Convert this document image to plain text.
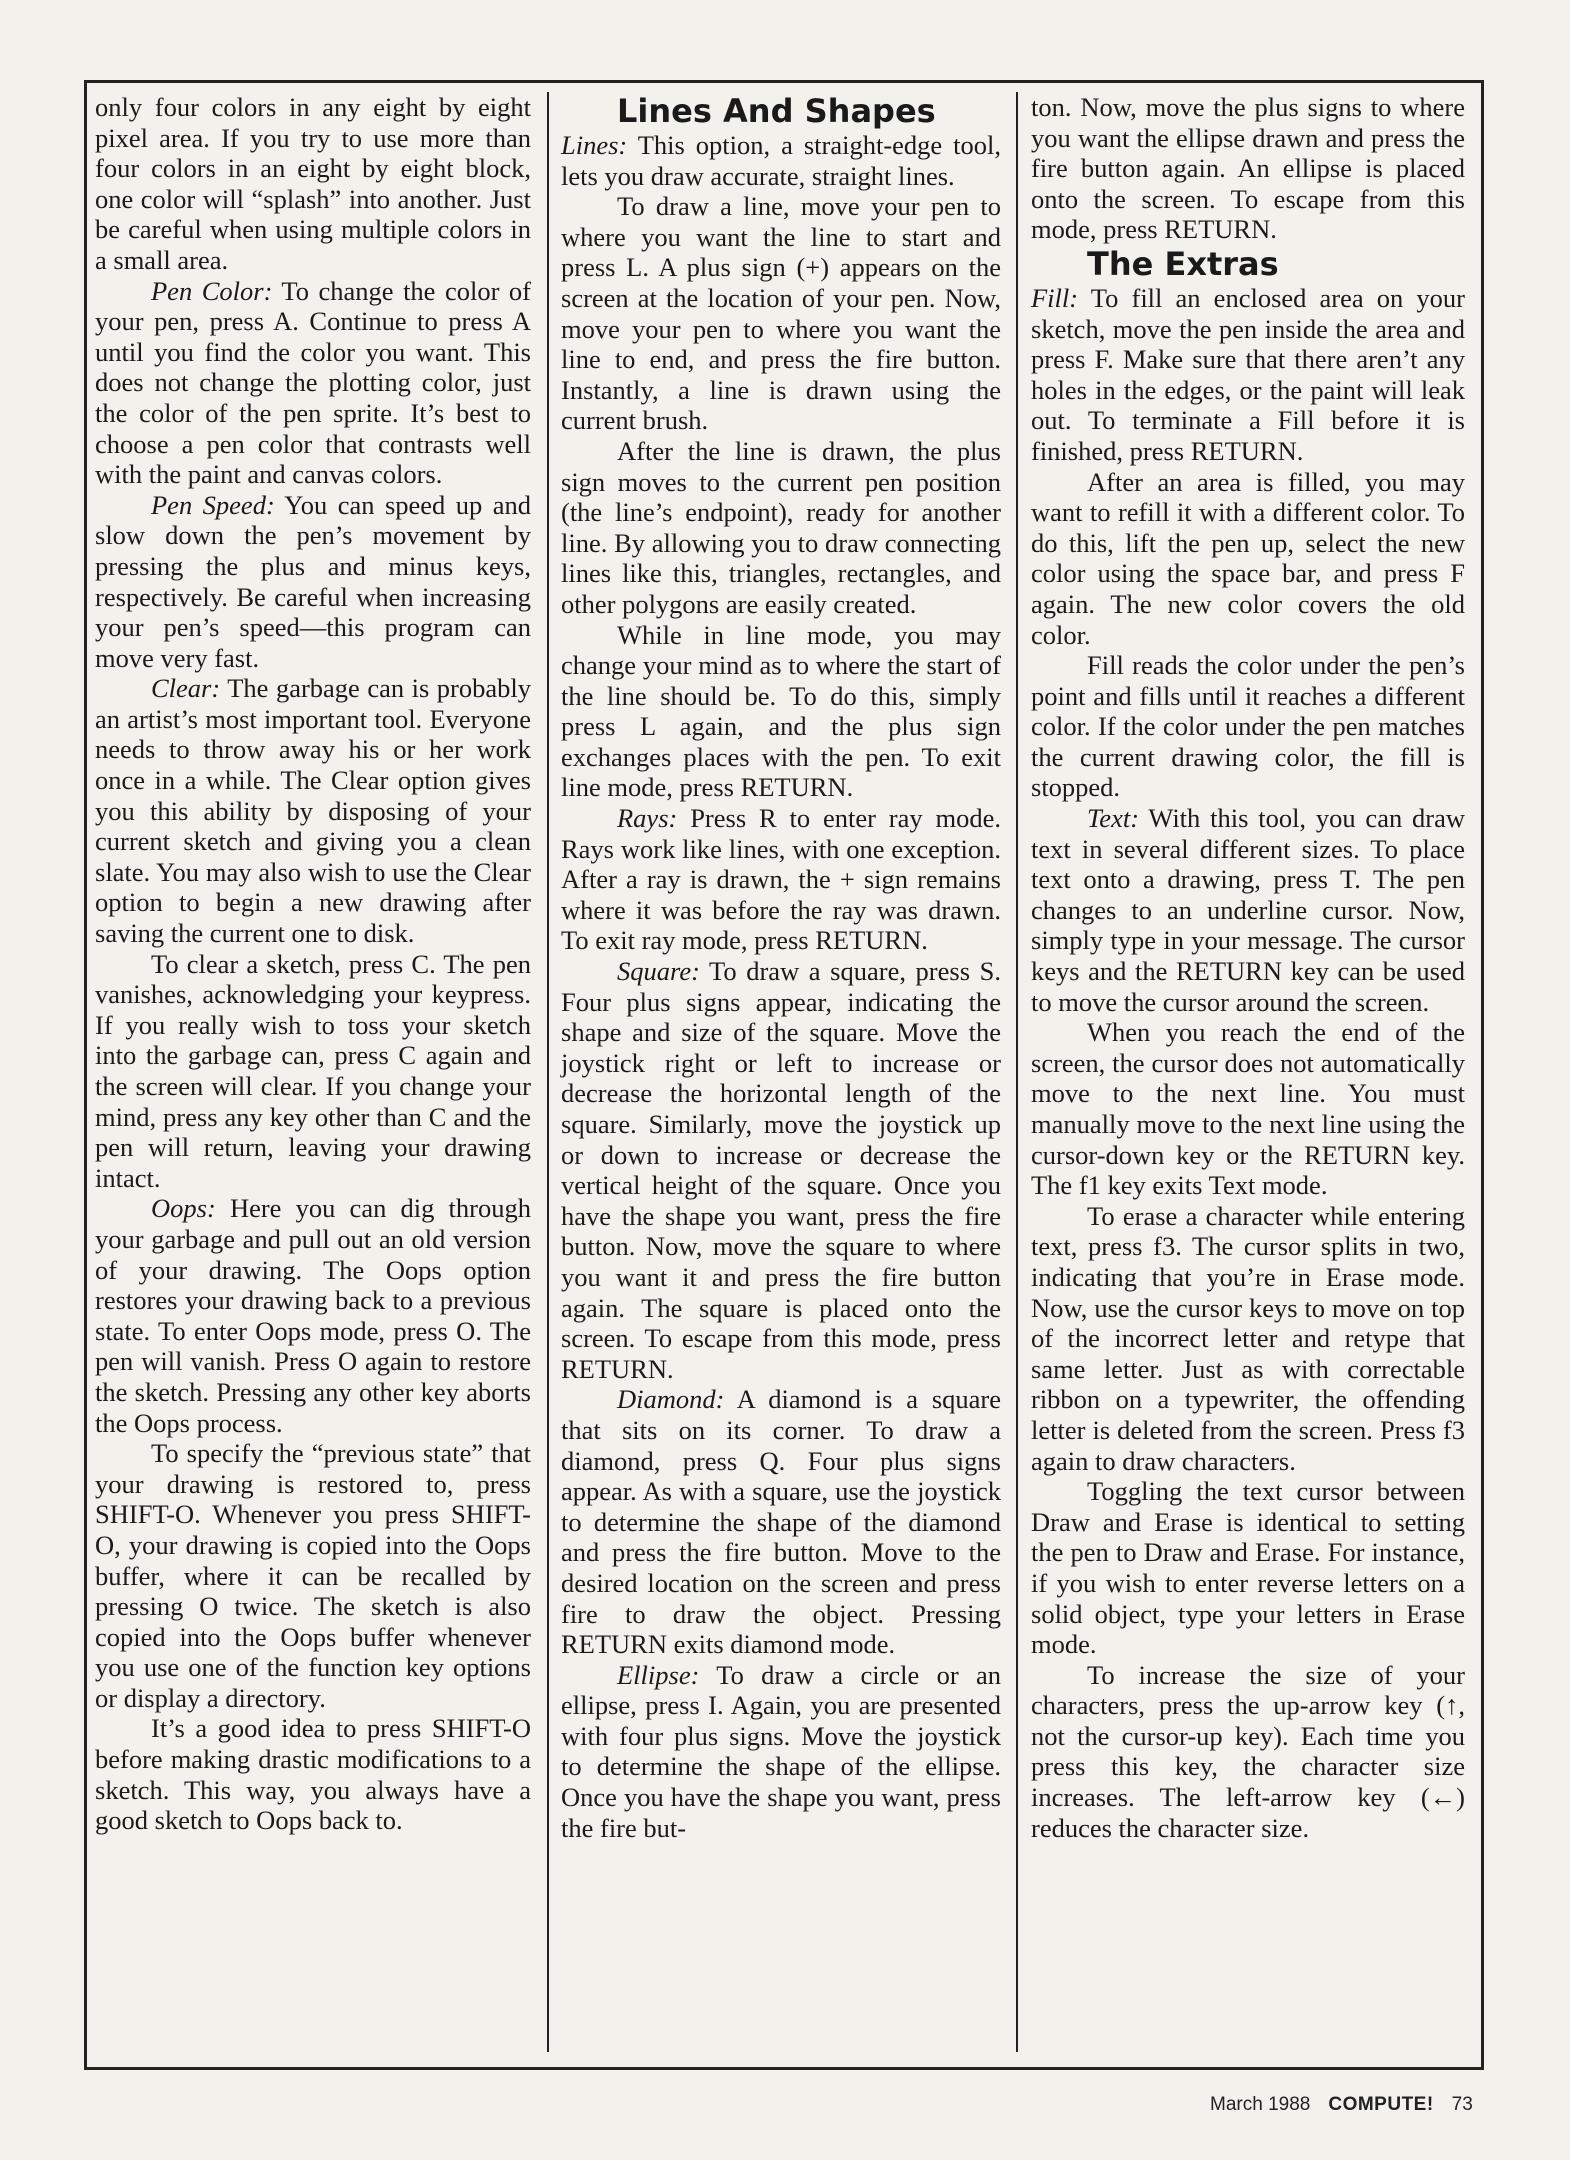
only four colors in any eight by eight pixel area. If you try to use more than four colors in an eight by eight block, one color will “splash” into another. Just be careful when using multiple colors in a small area.

Pen Color: To change the color of your pen, press A. Continue to press A until you find the color you want. This does not change the plotting color, just the color of the pen sprite. It’s best to choose a pen color that contrasts well with the paint and canvas colors.

Pen Speed: You can speed up and slow down the pen’s movement by pressing the plus and minus keys, respectively. Be careful when increasing your pen’s speed—this program can move very fast.

Clear: The garbage can is probably an artist’s most important tool. Everyone needs to throw away his or her work once in a while. The Clear option gives you this ability by disposing of your current sketch and giving you a clean slate. You may also wish to use the Clear option to begin a new drawing after saving the current one to disk.

To clear a sketch, press C. The pen vanishes, acknowledging your keypress. If you really wish to toss your sketch into the garbage can, press C again and the screen will clear. If you change your mind, press any key other than C and the pen will return, leaving your drawing intact.

Oops: Here you can dig through your garbage and pull out an old version of your drawing. The Oops option restores your drawing back to a previous state. To enter Oops mode, press O. The pen will vanish. Press O again to restore the sketch. Pressing any other key aborts the Oops process.

To specify the “previous state” that your drawing is restored to, press SHIFT-O. Whenever you press SHIFT-O, your drawing is copied into the Oops buffer, where it can be recalled by pressing O twice. The sketch is also copied into the Oops buffer whenever you use one of the function key options or display a directory.

It’s a good idea to press SHIFT-O before making drastic modifications to a sketch. This way, you always have a good sketch to Oops back to.

Lines And Shapes

Lines: This option, a straight-edge tool, lets you draw accurate, straight lines.

To draw a line, move your pen to where you want the line to start and press L. A plus sign (+) appears on the screen at the location of your pen. Now, move your pen to where you want the line to end, and press the fire button. Instantly, a line is drawn using the current brush.

After the line is drawn, the plus sign moves to the current pen position (the line’s endpoint), ready for another line. By allowing you to draw connecting lines like this, triangles, rectangles, and other polygons are easily created.

While in line mode, you may change your mind as to where the start of the line should be. To do this, simply press L again, and the plus sign exchanges places with the pen. To exit line mode, press RETURN.

Rays: Press R to enter ray mode. Rays work like lines, with one exception. After a ray is drawn, the + sign remains where it was before the ray was drawn. To exit ray mode, press RETURN.

Square: To draw a square, press S. Four plus signs appear, indicating the shape and size of the square. Move the joystick right or left to increase or decrease the horizontal length of the square. Similarly, move the joystick up or down to increase or decrease the vertical height of the square. Once you have the shape you want, press the fire button. Now, move the square to where you want it and press the fire button again. The square is placed onto the screen. To escape from this mode, press RETURN.

Diamond: A diamond is a square that sits on its corner. To draw a diamond, press Q. Four plus signs appear. As with a square, use the joystick to determine the shape of the diamond and press the fire button. Move to the desired location on the screen and press fire to draw the object. Pressing RETURN exits diamond mode.

Ellipse: To draw a circle or an ellipse, press I. Again, you are presented with four plus signs. Move the joystick to determine the shape of the ellipse. Once you have the shape you want, press the fire but-

ton. Now, move the plus signs to where you want the ellipse drawn and press the fire button again. An ellipse is placed onto the screen. To escape from this mode, press RETURN.

The Extras

Fill: To fill an enclosed area on your sketch, move the pen inside the area and press F. Make sure that there aren’t any holes in the edges, or the paint will leak out. To terminate a Fill before it is finished, press RETURN.

After an area is filled, you may want to refill it with a different color. To do this, lift the pen up, select the new color using the space bar, and press F again. The new color covers the old color.

Fill reads the color under the pen’s point and fills until it reaches a different color. If the color under the pen matches the current drawing color, the fill is stopped.

Text: With this tool, you can draw text in several different sizes. To place text onto a drawing, press T. The pen changes to an underline cursor. Now, simply type in your message. The cursor keys and the RETURN key can be used to move the cursor around the screen.

When you reach the end of the screen, the cursor does not automatically move to the next line. You must manually move to the next line using the cursor-down key or the RETURN key. The f1 key exits Text mode.

To erase a character while entering text, press f3. The cursor splits in two, indicating that you’re in Erase mode. Now, use the cursor keys to move on top of the incorrect letter and retype that same letter. Just as with correctable ribbon on a typewriter, the offending letter is deleted from the screen. Press f3 again to draw characters.

Toggling the text cursor between Draw and Erase is identical to setting the pen to Draw and Erase. For instance, if you wish to enter reverse letters on a solid object, type your letters in Erase mode.

To increase the size of your characters, press the up-arrow key (↑, not the cursor-up key). Each time you press this key, the character size increases. The left-arrow key (←) reduces the character size.

March 1988 COMPUTE! 73
